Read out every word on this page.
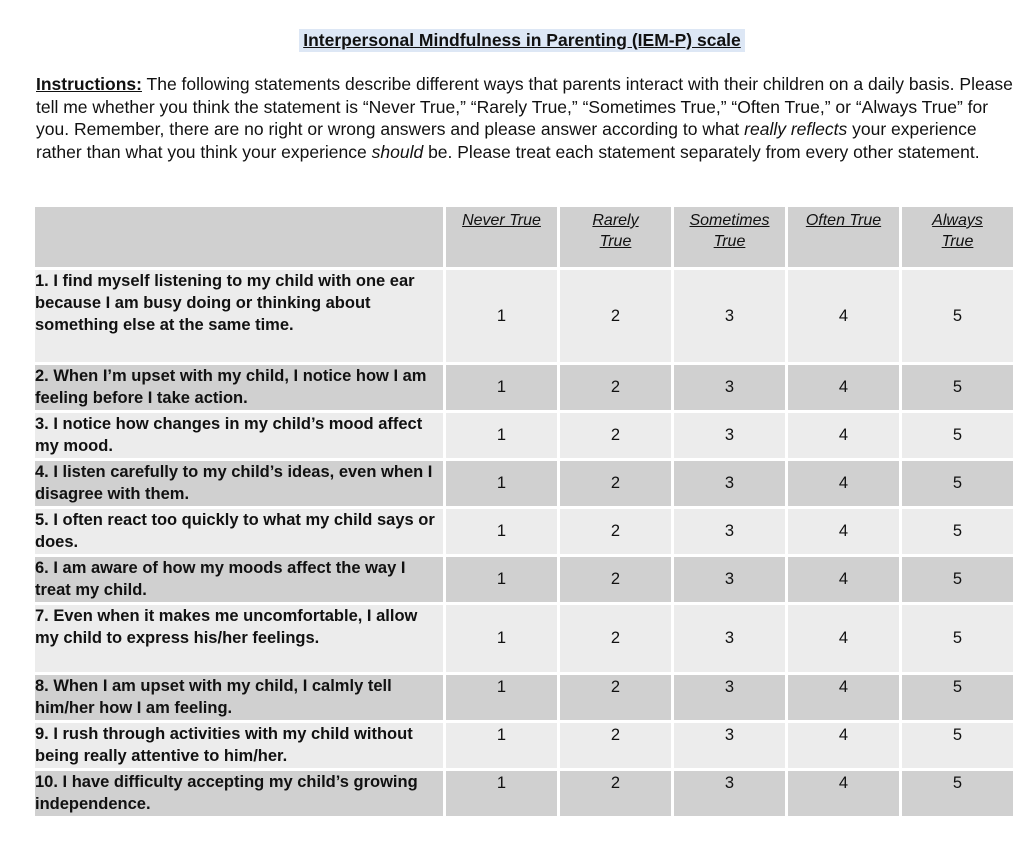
Interpersonal Mindfulness in Parenting (IEM-P) scale
Instructions: The following statements describe different ways that parents interact with their children on a daily basis. Please tell me whether you think the statement is “Never True,” “Rarely True,” “Sometimes True,” “Often True,” or “Always True” for you. Remember, there are no right or wrong answers and please answer according to what really reflects your experience rather than what you think your experience should be. Please treat each statement separately from every other statement.

	Never True	Rarely True	Sometimes True	Often True	Always True

1. I find myself listening to my child with one ear because I am busy doing or thinking about something else at the same time.	1	2	3	4	5
2. When I’m upset with my child, I notice how I am feeling before I take action.	1	2	3	4	5
3. I notice how changes in my child’s mood affect my mood.	1	2	3	4	5
4. I listen carefully to my child’s ideas, even when I disagree with them.	1	2	3	4	5
5. I often react too quickly to what my child says or does.	1	2	3	4	5
6. I am aware of how my moods affect the way I treat my child.	1	2	3	4	5
7. Even when it makes me uncomfortable, I allow my child to express his/her feelings.	1	2	3	4	5
8. When I am upset with my child, I calmly tell him/her how I am feeling.	1	2	3	4	5
9. I rush through activities with my child without being really attentive to him/her.	1	2	3	4	5
10. I have difficulty accepting my child’s growing independence.	1	2	3	4	5
